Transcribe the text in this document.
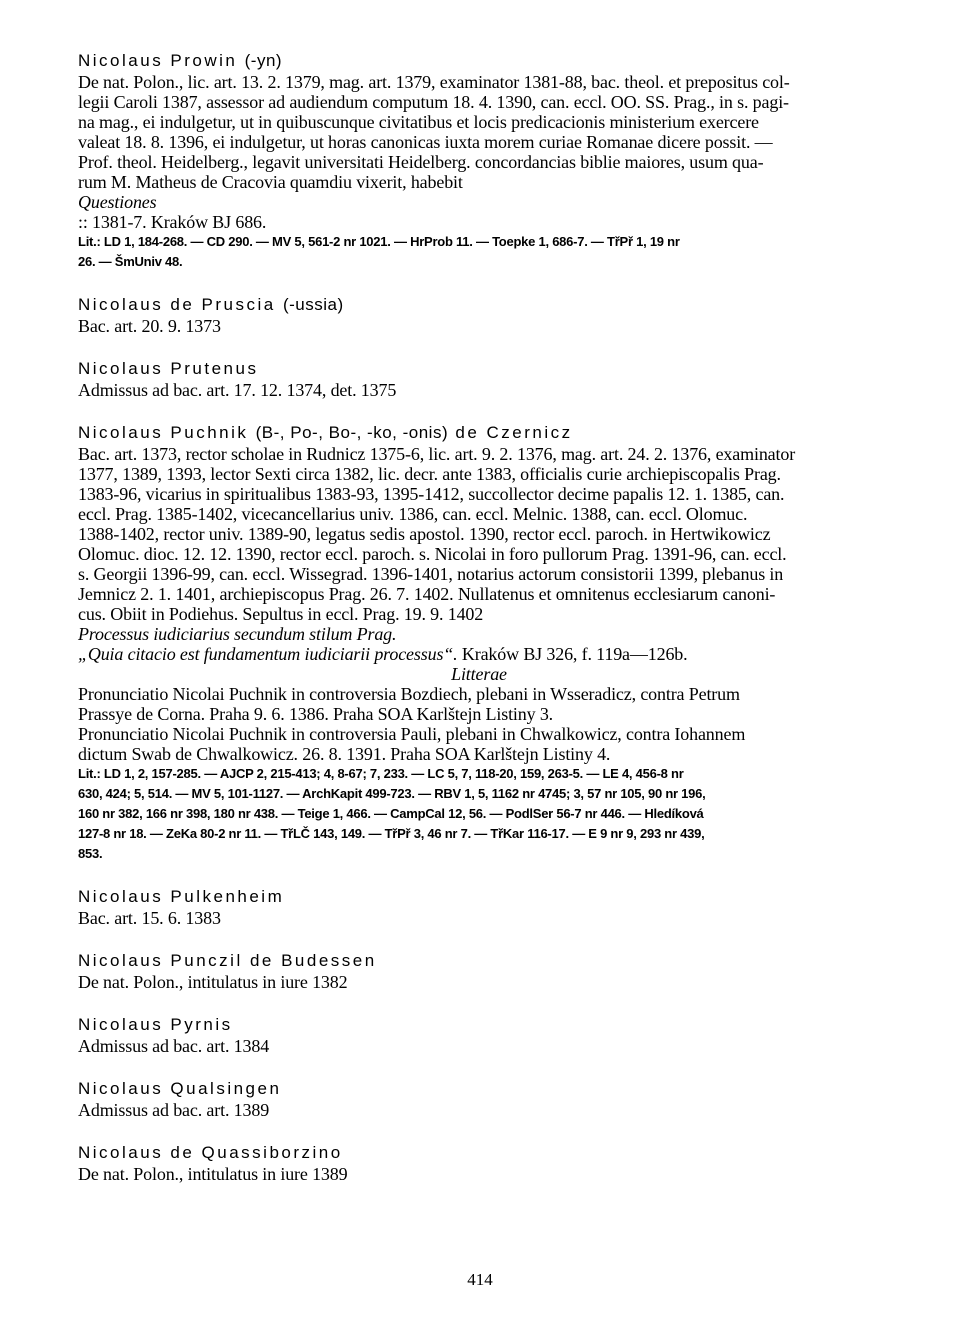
Nicolaus Prowin (-yn)
De nat. Polon., lic. art. 13. 2. 1379, mag. art. 1379, examinator 1381-88, bac. theol. et prepositus col-
legii Caroli 1387, assessor ad audiendum computum 18. 4. 1390, can. eccl. OO. SS. Prag., in s. pagi-
na mag., ei indulgetur, ut in quibuscunque civitatibus et locis predicacionis ministerium exercere
valeat 18. 8. 1396, ei indulgetur, ut horas canonicas iuxta morem curiae Romanae dicere possit. —
Prof. theol. Heidelberg., legavit universitati Heidelberg. concordancias biblie maiores, usum qua-
rum M. Matheus de Cracovia quamdiu vixerit, habebit
Questiones
:: 1381-7. Kraków BJ 686.
Lit.: LD 1, 184-268. — CD 290. — MV 5, 561-2 nr 1021. — HrProb 11. — Toepke 1, 686-7. — TřPř 1, 19 nr
26. — ŠmUniv 48.
Nicolaus de Pruscia (-ussia)
Bac. art. 20. 9. 1373
Nicolaus Prutenus
Admissus ad bac. art. 17. 12. 1374, det. 1375
Nicolaus Puchnik (B-, Po-, Bo-, -ko, -onis) de Czernicz
Bac. art. 1373, rector scholae in Rudnicz 1375-6, lic. art. 9. 2. 1376, mag. art. 24. 2. 1376, examinator
1377, 1389, 1393, lector Sexti circa 1382, lic. decr. ante 1383, officialis curie archiepiscopalis Prag.
1383-96, vicarius in spiritualibus 1383-93, 1395-1412, succollector decime papalis 12. 1. 1385, can.
eccl. Prag. 1385-1402, vicecancellarius univ. 1386, can. eccl. Melnic. 1388, can. eccl. Olomuc.
1388-1402, rector univ. 1389-90, legatus sedis apostol. 1390, rector eccl. paroch. in Hertwikowicz
Olomuc. dioc. 12. 12. 1390, rector eccl. paroch. s. Nicolai in foro pullorum Prag. 1391-96, can. eccl.
s. Georgii 1396-99, can. eccl. Wissegrad. 1396-1401, notarius actorum consistorii 1399, plebanus in
Jemnicz 2. 1. 1401, archiepiscopus Prag. 26. 7. 1402. Nullatenus et omnitenus ecclesiarum canoni-
cus. Obiit in Podiehus. Sepultus in eccl. Prag. 19. 9. 1402
Processus iudiciarius secundum stilum Prag.
„Quia citacio est fundamentum iudiciarii processus“. Kraków BJ 326, f. 119a—126b.
Litterae
Pronunciatio Nicolai Puchnik in controversia Bozdiech, plebani in Wsseradicz, contra Petrum
Prassye de Corna. Praha 9. 6. 1386. Praha SOA Karlštejn Listiny 3.
Pronunciatio Nicolai Puchnik in controversia Pauli, plebani in Chwalkowicz, contra Iohannem
dictum Swab de Chwalkowicz. 26. 8. 1391. Praha SOA Karlštejn Listiny 4.
Lit.: LD 1, 2, 157-285. — AJCP 2, 215-413; 4, 8-67; 7, 233. — LC 5, 7, 118-20, 159, 263-5. — LE 4, 456-8 nr
630, 424; 5, 514. — MV 5, 101-1127. — ArchKapit 499-723. — RBV 1, 5, 1162 nr 4745; 3, 57 nr 105, 90 nr 196,
160 nr 382, 166 nr 398, 180 nr 438. — Teige 1, 466. — CampCal 12, 56. — PodlSer 56-7 nr 446. — Hledíková
127-8 nr 18. — ZeKa 80-2 nr 11. — TřLČ 143, 149. — TřPř 3, 46 nr 7. — TřKar 116-17. — E 9 nr 9, 293 nr 439,
853.
Nicolaus Pulkenheim
Bac. art. 15. 6. 1383
Nicolaus Punczil de Budessen
De nat. Polon., intitulatus in iure 1382
Nicolaus Pyrnis
Admissus ad bac. art. 1384
Nicolaus Qualsingen
Admissus ad bac. art. 1389
Nicolaus de Quassiborzino
De nat. Polon., intitulatus in iure 1389
414
